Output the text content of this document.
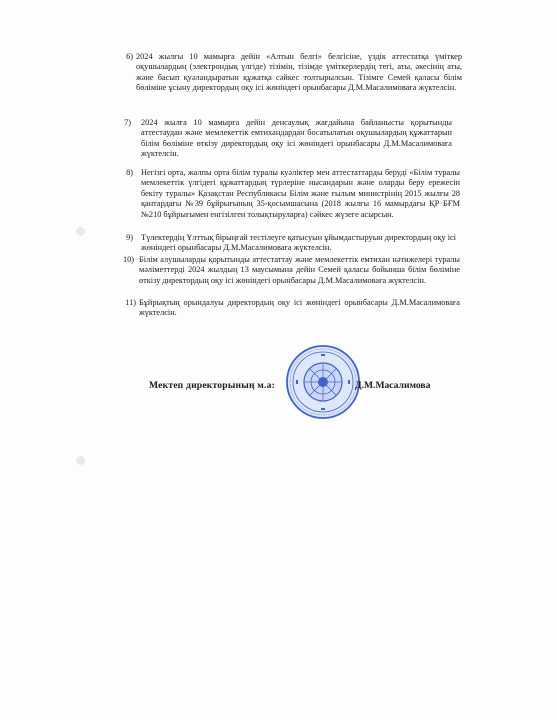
6) 2024 жылғы 10 мамырға дейін «Алтын белгі» белгісіне, үздік аттестатқа үміткер оқушылардың (электрондық үлгіде) тізімін, тізімде үміткерлердің тегі, аты, әкесінің аты, және басып қуәландыратын құжатқа сәйкес толтырылсын. Тізімге Семей қаласы білім бөліміне ұсыну директордың оқу ісі жөніндегі орынбасары Д.М.Масалимоваға жүктелсін.
7) 2024 жылға 10 мамырға дейін денсаулық жағдайына байланысты қорытынды аттестаудан және мемлекеттік емтихандардан босатылатын оқушылардың құжаттарын білім бөліміне өткізу директордың оқу ісі жөніндегі орынбасары Д.М.Масалимоваға жүктелсін.
8) Негізгі орта, жалпы орта білім туралы куәліктер мен аттестаттарды беруді «Білім туралы мемлекеттік үлгідегі құжаттардың түрлеріне нысандарын және оларды беру ережесін бекіту туралы» Қазақстан Республикасы Білім және ғылым министрінің 2015 жылғы 28 қантардағы №39 бұйрығының 35-қосымшасына (2018 жылғы 16 мамырдағы ҚР БҒМ №210 бұйрығымен енгізілген толықтыруларға) сәйкес жүзеге асырсын.
9) Түлектердің Ұлттық бірыңғай тестілеуге қатысуын ұйымдастыруын директордың оқу ісі жөніндегі орынбасары Д.М.Масалимоваға жүктелсін.
10) Білім алушыларды қорытынды аттестаттау және мемлекеттік емтихан нәтижелері туралы мәліметтерді 2024 жылдың 13 маусымына дейін Семей қаласы бойынша білім бөліміне өткізу директордың оқу ісі жөніндегі орынбасары Д.М.Масалимоваға жүктелсін.
11) Бұйрықтың орындалуы директордың оқу ісі жөніндегі орынбасары Д.М.Масалимоваға жүктелсін.
Мектеп директорының м.а:	Д.М.Масалимова
